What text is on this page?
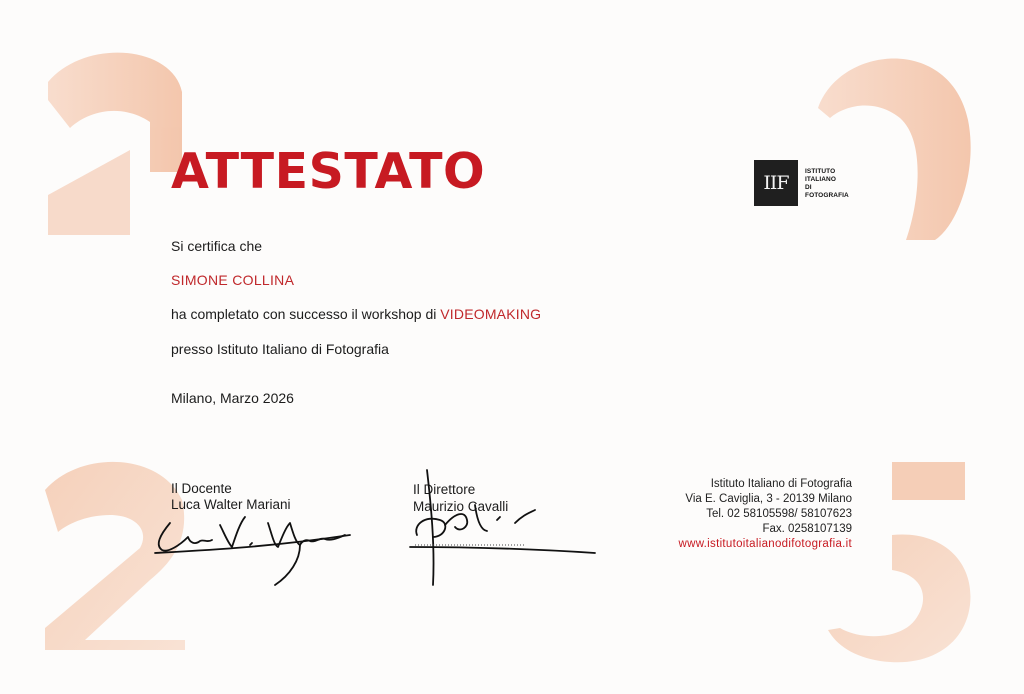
IIF
ISTITUTO
ITALIANO
DI
FOTOGRAFIA
ATTESTATO
Si certifica che
SIMONE COLLINA
ha completato con successo il workshop di VIDEOMAKING
presso Istituto Italiano di Fotografia
Milano, Marzo 2026
Il Docente
Luca Walter Mariani
Il Direttore
Maurizio Cavalli
Istituto Italiano di Fotografia
Via E. Caviglia, 3 - 20139 Milano
Tel. 02 58105598/ 58107623
Fax. 0258107139
www.istitutoitalianodifotografia.it
